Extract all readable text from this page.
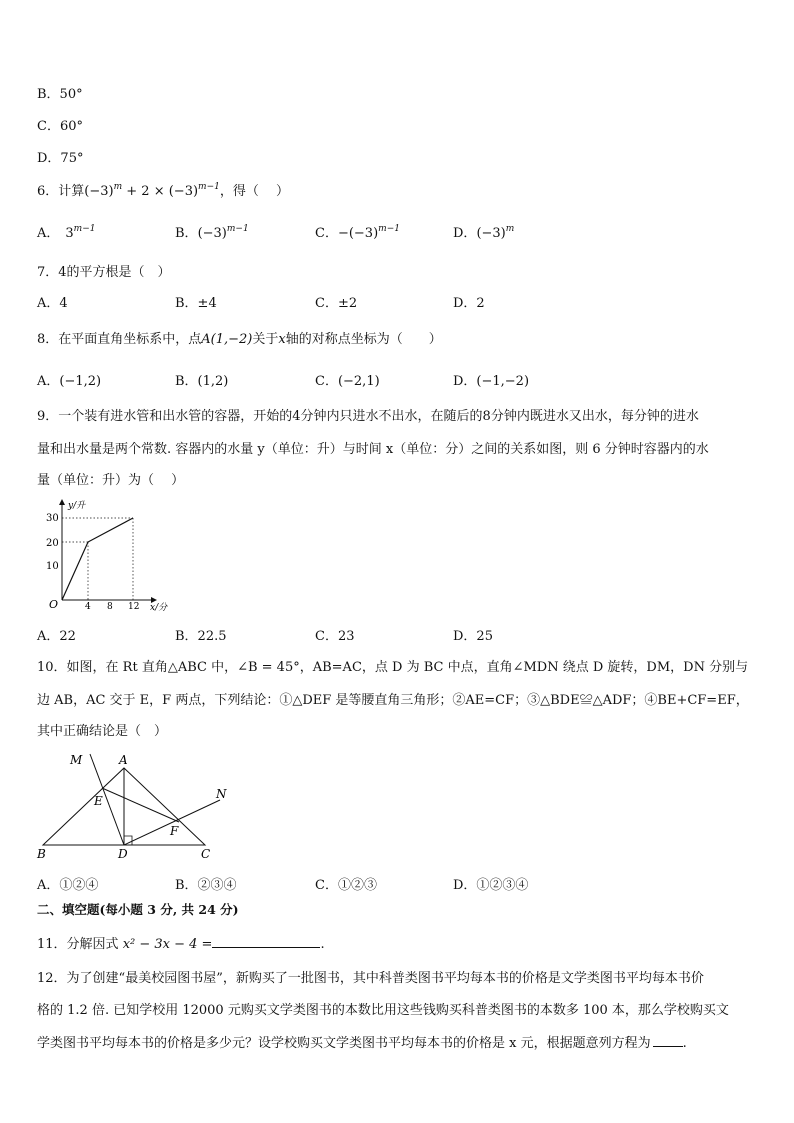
B．50°
C．60°
D．75°
6．计算$(-3)^m + 2 \times (-3)^{m-1}$，得（　 ）
A． $3^{m-1}$	B．$(-3)^{m-1}$	C．$-(-3)^{m-1}$	D．$(-3)^m$
7．4的平方根是（　）
A．4	B．±4	C．±2	D．2
8．在平面直角坐标系中，点A(1,−2)关于x轴的对称点坐标为（　　）
A．(−1,2)	B．(1,2)	C．(−2,1)	D．(−1,−2)
9．一个装有进水管和出水管的容器，开始的4分钟内只进水不出水，在随后的8分钟内既进水又出水，每分钟的进水
量和出水量是两个常数. 容器内的水量 y（单位：升）与时间 x（单位：分）之间的关系如图，则 6 分钟时容器内的水
量（单位：升）为（　 ）
y/升
x/分
O
10
20
30
4 8 12
A．22	B．22.5	C．23	D．25
10．如图，在 Rt 直角△ABC 中，∠B = 45°，AB=AC，点 D 为 BC 中点，直角∠MDN 绕点 D 旋转，DM，DN 分别与
边 AB，AC 交于 E，F 两点，下列结论：①△DEF 是等腰直角三角形；②AE=CF；③△BDE≌△ADF；④BE+CF=EF，
其中正确结论是（　）
M	A
N
E
F
B	D	C
A．①②④	B．②③④	C．①②③	D．①②③④
二、填空题(每小题 3 分, 共 24 分)
11．分解因式 x² − 3x − 4 =	.
12．为了创建“最美校园图书屋”，新购买了一批图书，其中科普类图书平均每本书的价格是文学类图书平均每本书价
格的 1.2 倍. 已知学校用 12000 元购买文学类图书的本数比用这些钱购买科普类图书的本数多 100 本，那么学校购买文
学类图书平均每本书的价格是多少元？设学校购买文学类图书平均每本书的价格是 x 元，根据题意列方程为 .
